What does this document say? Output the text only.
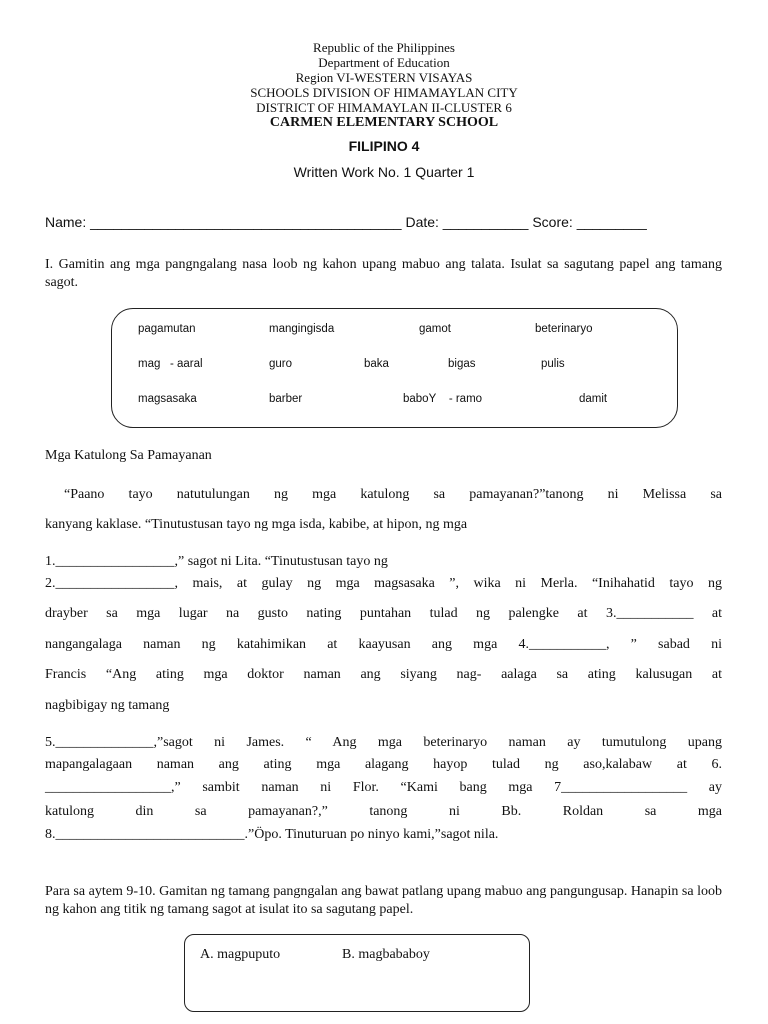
Republic of the Philippines
Department of Education
Region VI-WESTERN VISAYAS
SCHOOLS DIVISION OF HIMAMAYLAN CITY
DISTRICT OF HIMAMAYLAN II-CLUSTER 6
CARMEN ELEMENTARY SCHOOL
FILIPINO 4
Written Work No. 1 Quarter 1
Name: ________________________________________ Date: ___________ Score: _________
I. Gamitin ang mga pangngalang nasa loob ng kahon upang mabuo ang talata. Isulat sa sagutang papel ang tamang sagot.
pagamutan	mangingisda	gamot	beterinaryo
mag   - aaral	guro	baka	bigas	pulis
magsasaka	barber	baboY    - ramo	damit
Mga Katulong Sa Pamayanan
“Paano tayo natutulungan ng mga katulong sa pamayanan?”tanong ni Melissa sa
kanyang kaklase. “Tinutustusan tayo ng mga isda, kabibe, at hipon, ng mga
1._________________,” sagot ni Lita. “Tinutustusan tayo ng
2._________________, mais, at gulay ng mga magsasaka ”, wika ni Merla. “Inihahatid tayo ng
drayber sa mga lugar na gusto nating puntahan tulad ng palengke at 3.___________ at
nangangalaga naman ng katahimikan at kaayusan ang mga 4.___________, ” sabad ni
Francis “Ang ating mga doktor naman ang siyang nag- aalaga sa ating kalusugan at
nagbibigay ng tamang
5.______________,”sagot ni James. “ Ang mga beterinaryo naman ay tumutulong upang
mapangalagaan naman ang ating mga alagang hayop tulad ng aso,kalabaw at 6.
__________________,” sambit naman ni Flor. “Kami bang mga 7__________________ ay
katulong din sa pamayanan?,” tanong ni Bb. Roldan sa mga
8.___________________________.”Öpo. Tinuturuan po ninyo kami,”sagot nila.
Para sa aytem 9-10. Gamitan ng tamang pangngalan ang bawat patlang upang mabuo ang pangungusap. Hanapin sa loob ng kahon ang titik ng tamang sagot at isulat ito sa sagutang papel.
A. magpuputo	B. magbababoy
